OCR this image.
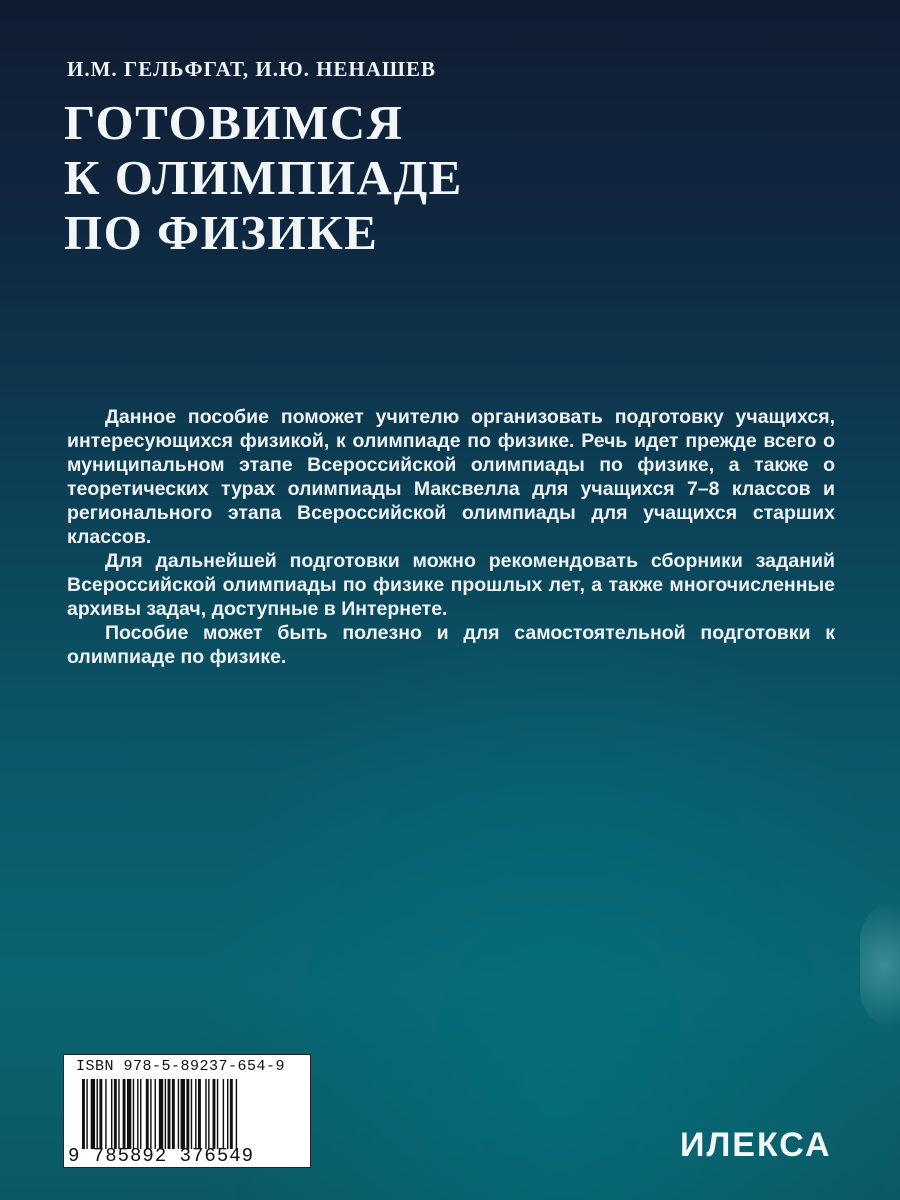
И.М. ГЕЛЬФГАТ, И.Ю. НЕНАШЕВ
ГОТОВИМСЯ
К ОЛИМПИАДЕ
ПО ФИЗИКЕ

Данное пособие поможет учителю организовать подготовку учащихся, интересующихся физикой, к олимпиаде по физике. Речь идет прежде всего о муниципальном этапе Всероссийской олимпиады по физике, а также о теоретических турах олимпиады Максвелла для учащихся 7–8 классов и регионального этапа Всероссийской олимпиады для учащихся старших классов.

Для дальнейшей подготовки можно рекомендовать сборники заданий Всероссийской олимпиады по физике прошлых лет, а также многочисленные архивы задач, доступные в Интернете.

Пособие может быть полезно и для самостоятельной подготовки к олимпиаде по физике.

ISBN 978-5-89237-654-9
9 785892 376549	ИЛЕКСА
